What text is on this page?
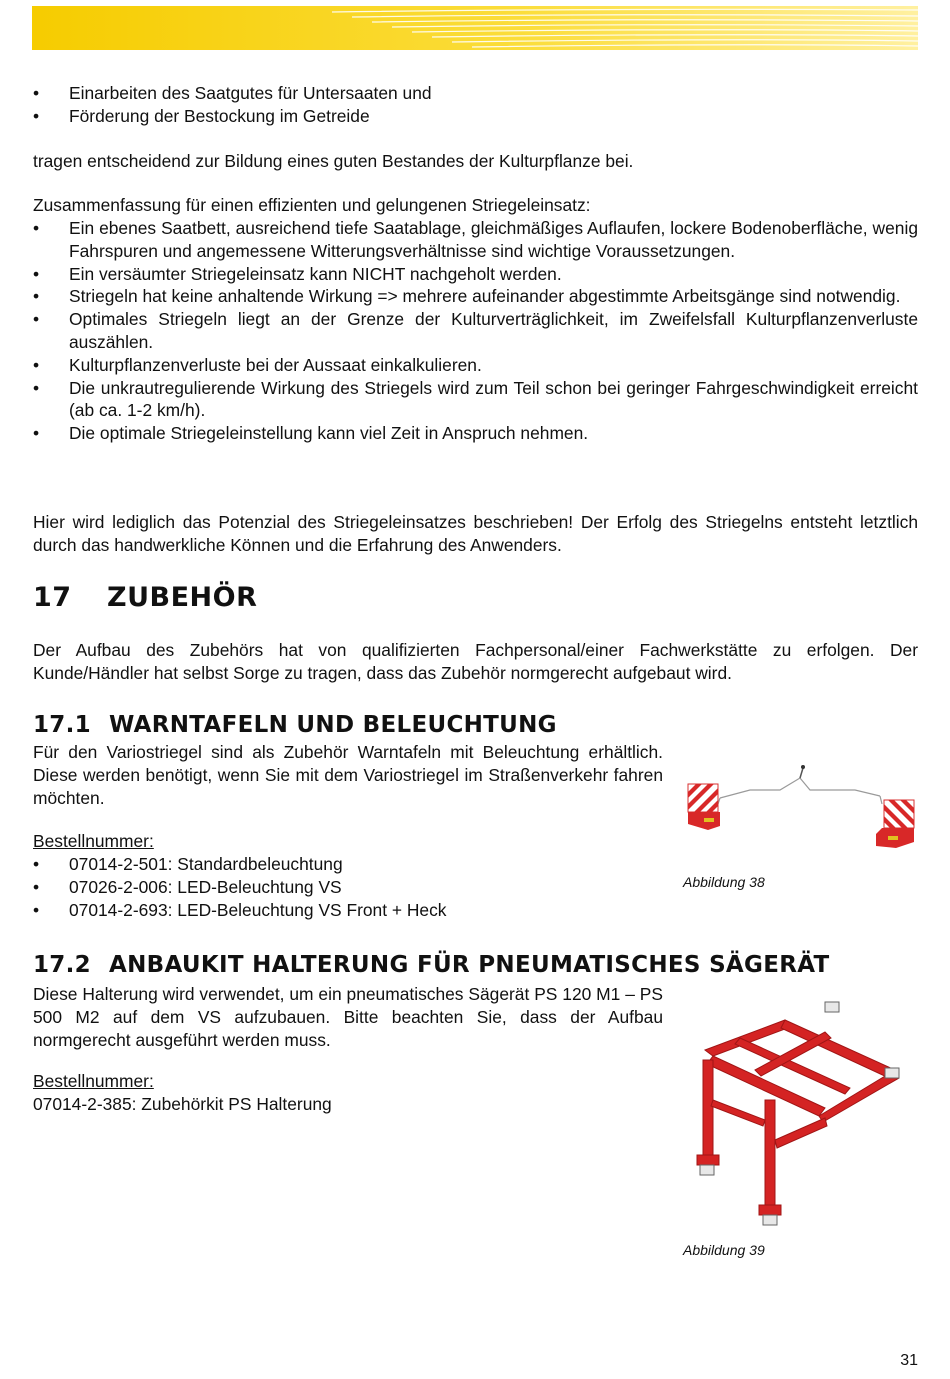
• Einarbeiten des Saatgutes für Untersaaten und
• Förderung der Bestockung im Getreide

tragen entscheidend zur Bildung eines guten Bestandes der Kulturpflanze bei.

Zusammenfassung für einen effizienten und gelungenen Striegeleinsatz:

• Ein ebenes Saatbett, ausreichend tiefe Saatablage, gleichmäßiges Auflaufen, lockere Bodenoberfläche, wenig Fahrspuren und angemessene Witterungsverhältnisse sind wichtige Voraussetzungen.
• Ein versäumter Striegeleinsatz kann NICHT nachgeholt werden.
• Striegeln hat keine anhaltende Wirkung => mehrere aufeinander abgestimmte Arbeitsgänge sind notwendig.
• Optimales Striegeln liegt an der Grenze der Kulturverträglichkeit, im Zweifelsfall Kulturpflanzenverluste auszählen.
• Kulturpflanzenverluste bei der Aussaat einkalkulieren.
• Die unkrautregulierende Wirkung des Striegels wird zum Teil schon bei geringer Fahrgeschwindigkeit erreicht (ab ca. 1-2 km/h).
• Die optimale Striegeleinstellung kann viel Zeit in Anspruch nehmen.

Hier wird lediglich das Potenzial des Striegeleinsatzes beschrieben! Der Erfolg des Striegelns entsteht letztlich durch das handwerkliche Können und die Erfahrung des Anwenders.

17 ZUBEHÖR

Der Aufbau des Zubehörs hat von qualifizierten Fachpersonal/einer Fachwerkstätte zu erfolgen. Der Kunde/Händler hat selbst Sorge zu tragen, dass das Zubehör normgerecht aufgebaut wird.

17.1 WARNTAFELN UND BELEUCHTUNG

Für den Variostriegel sind als Zubehör Warntafeln mit Beleuchtung erhältlich. Diese werden benötigt, wenn Sie mit dem Variostriegel im Straßenverkehr fahren möchten.

Bestellnummer:

• 07014-2-501: Standardbeleuchtung
• 07026-2-006: LED-Beleuchtung VS
• 07014-2-693: LED-Beleuchtung VS Front + Heck
Abbildung 38
17.2 ANBAUKIT HALTERUNG FÜR PNEUMATISCHES SÄGERÄT

Diese Halterung wird verwendet, um ein pneumatisches Sägerät PS 120 M1 – PS 500 M2 auf dem VS aufzubauen. Bitte beachten Sie, dass der Aufbau normgerecht ausgeführt werden muss.

Bestellnummer:

07014-2-385: Zubehörkit PS Halterung

Abbildung 39
31
